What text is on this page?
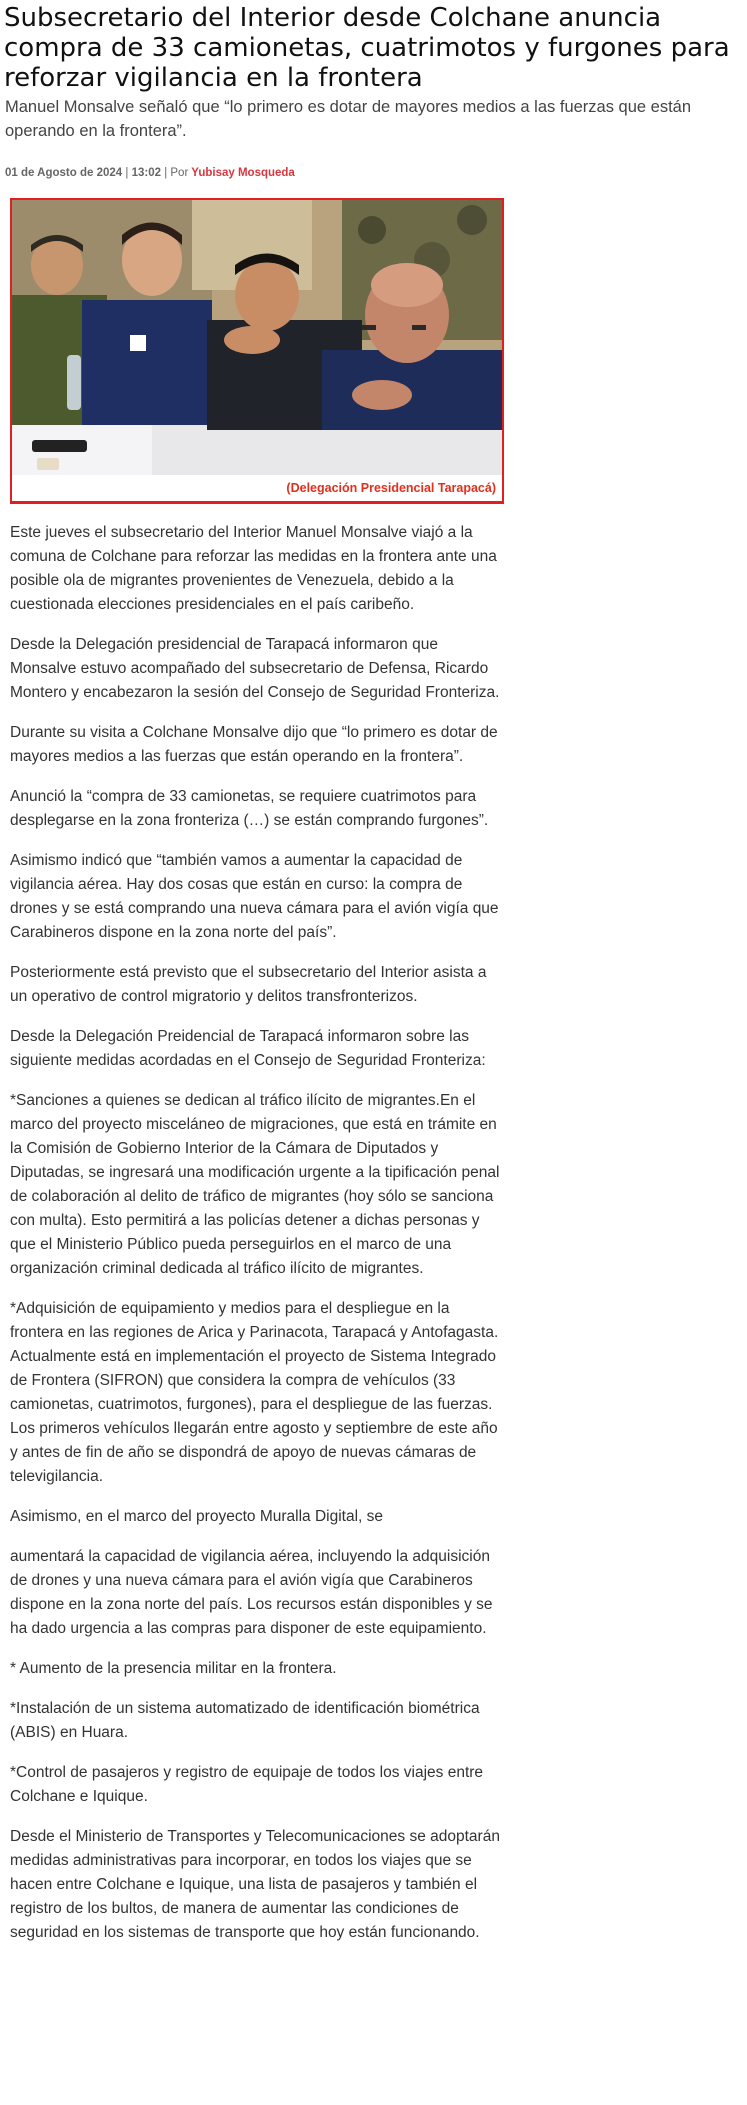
Subsecretario del Interior desde Colchane anuncia compra de 33 camionetas, cuatrimotos y furgones para reforzar vigilancia en la frontera

Manuel Monsalve señaló que “lo primero es dotar de mayores medios a las fuerzas que están operando en la frontera”.

01 de Agosto de 2024 | 13:02 | Por Yubisay Mosqueda
(Delegación Presidencial Tarapacá)

Este jueves el subsecretario del Interior Manuel Monsalve viajó a la comuna de Colchane para reforzar las medidas en la frontera ante una posible ola de migrantes provenientes de Venezuela, debido a la cuestionada elecciones presidenciales en el país caribeño.

Desde la Delegación presidencial de Tarapacá informaron que Monsalve estuvo acompañado del subsecretario de Defensa, Ricardo Montero y encabezaron la sesión del Consejo de Seguridad Fronteriza.

Durante su visita a Colchane Monsalve dijo que “lo primero es dotar de mayores medios a las fuerzas que están operando en la frontera”.

Anunció la “compra de 33 camionetas, se requiere cuatrimotos para desplegarse en la zona fronteriza (…) se están comprando furgones”.

Asimismo indicó que “también vamos a aumentar la capacidad de vigilancia aérea. Hay dos cosas que están en curso: la compra de drones y se está comprando una nueva cámara para el avión vigía que Carabineros dispone en la zona norte del país”.

Posteriormente está previsto que el subsecretario del Interior asista a un operativo de control migratorio y delitos transfronterizos.

Desde la Delegación Preidencial de Tarapacá informaron sobre las siguiente medidas acordadas en el Consejo de Seguridad Fronteriza:

*Sanciones a quienes se dedican al tráfico ilícito de migrantes.En el marco del proyecto misceláneo de migraciones, que está en trámite en la Comisión de Gobierno Interior de la Cámara de Diputados y Diputadas, se ingresará una modificación urgente a la tipificación penal de colaboración al delito de tráfico de migrantes (hoy sólo se sanciona con multa). Esto permitirá a las policías detener a dichas personas y que el Ministerio Público pueda perseguirlos en el marco de una organización criminal dedicada al tráfico ilícito de migrantes.

*Adquisición de equipamiento y medios para el despliegue en la frontera en las regiones de Arica y Parinacota, Tarapacá y Antofagasta. Actualmente está en implementación el proyecto de Sistema Integrado de Frontera (SIFRON) que considera la compra de vehículos (33 camionetas, cuatrimotos, furgones), para el despliegue de las fuerzas. Los primeros vehículos llegarán entre agosto y septiembre de este año y antes de fin de año se dispondrá de apoyo de nuevas cámaras de televigilancia.

Asimismo, en el marco del proyecto Muralla Digital, se

aumentará la capacidad de vigilancia aérea, incluyendo la adquisición de drones y una nueva cámara para el avión vigía que Carabineros dispone en la zona norte del país. Los recursos están disponibles y se ha dado urgencia a las compras para disponer de este equipamiento.

* Aumento de la presencia militar en la frontera.

*Instalación de un sistema automatizado de identificación biométrica (ABIS) en Huara.

*Control de pasajeros y registro de equipaje de todos los viajes entre Colchane e Iquique.

Desde el Ministerio de Transportes y Telecomunicaciones se adoptarán medidas administrativas para incorporar, en todos los viajes que se hacen entre Colchane e Iquique, una lista de pasajeros y también el registro de los bultos, de manera de aumentar las condiciones de seguridad en los sistemas de transporte que hoy están funcionando.
